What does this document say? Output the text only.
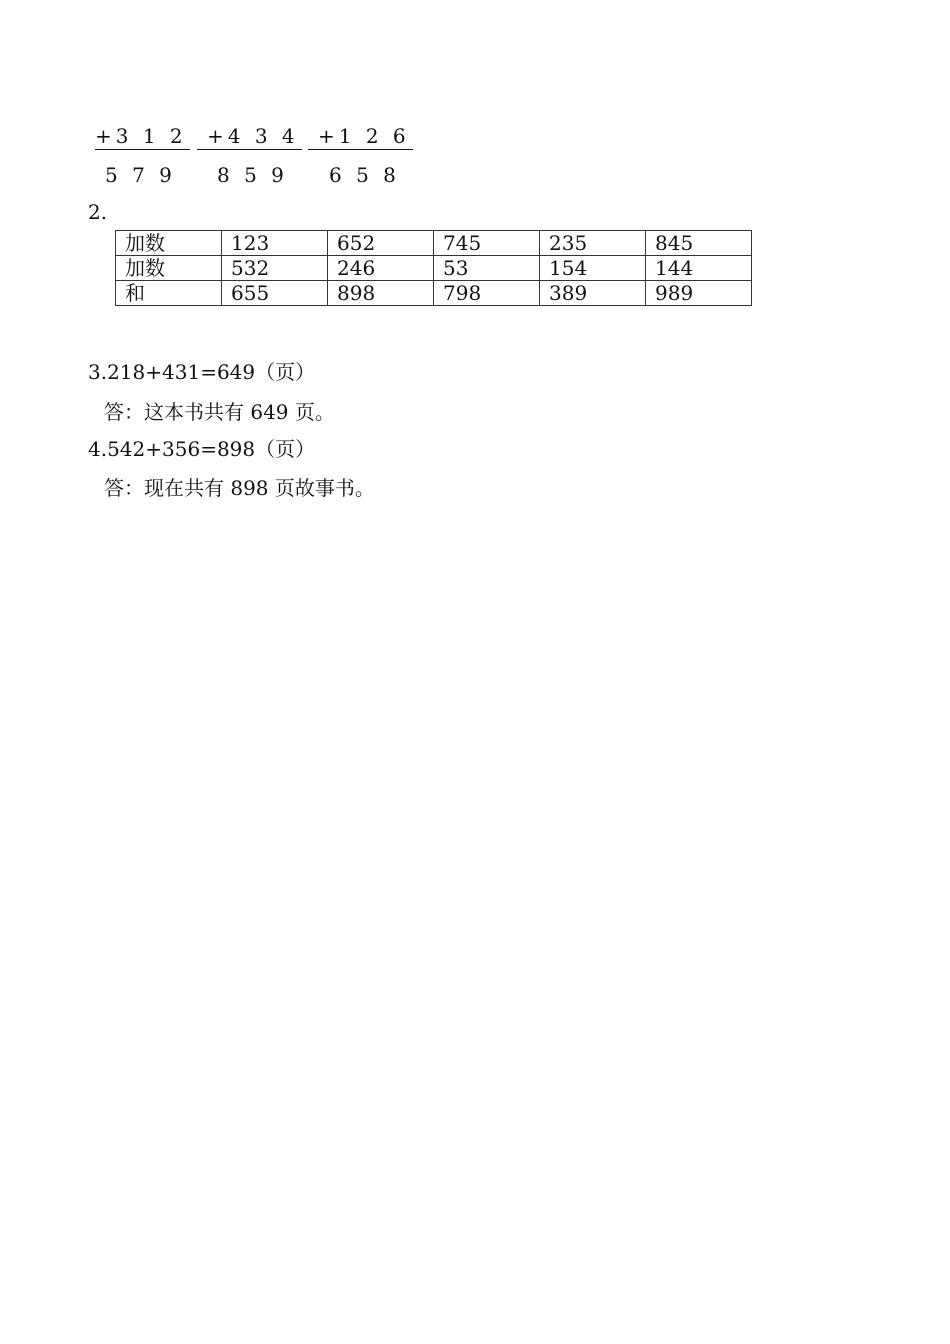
+3 1 2
5 7 9
+4 3 4
8 5 9
+1 2 6
6 5 8
2.
加数	123	652	745	235	845
加数	532	246	53	154	144
和	655	898	798	389	989
3.218+431=649（页）
答：这本书共有 649 页。
4.542+356=898（页）
答：现在共有 898 页故事书。
